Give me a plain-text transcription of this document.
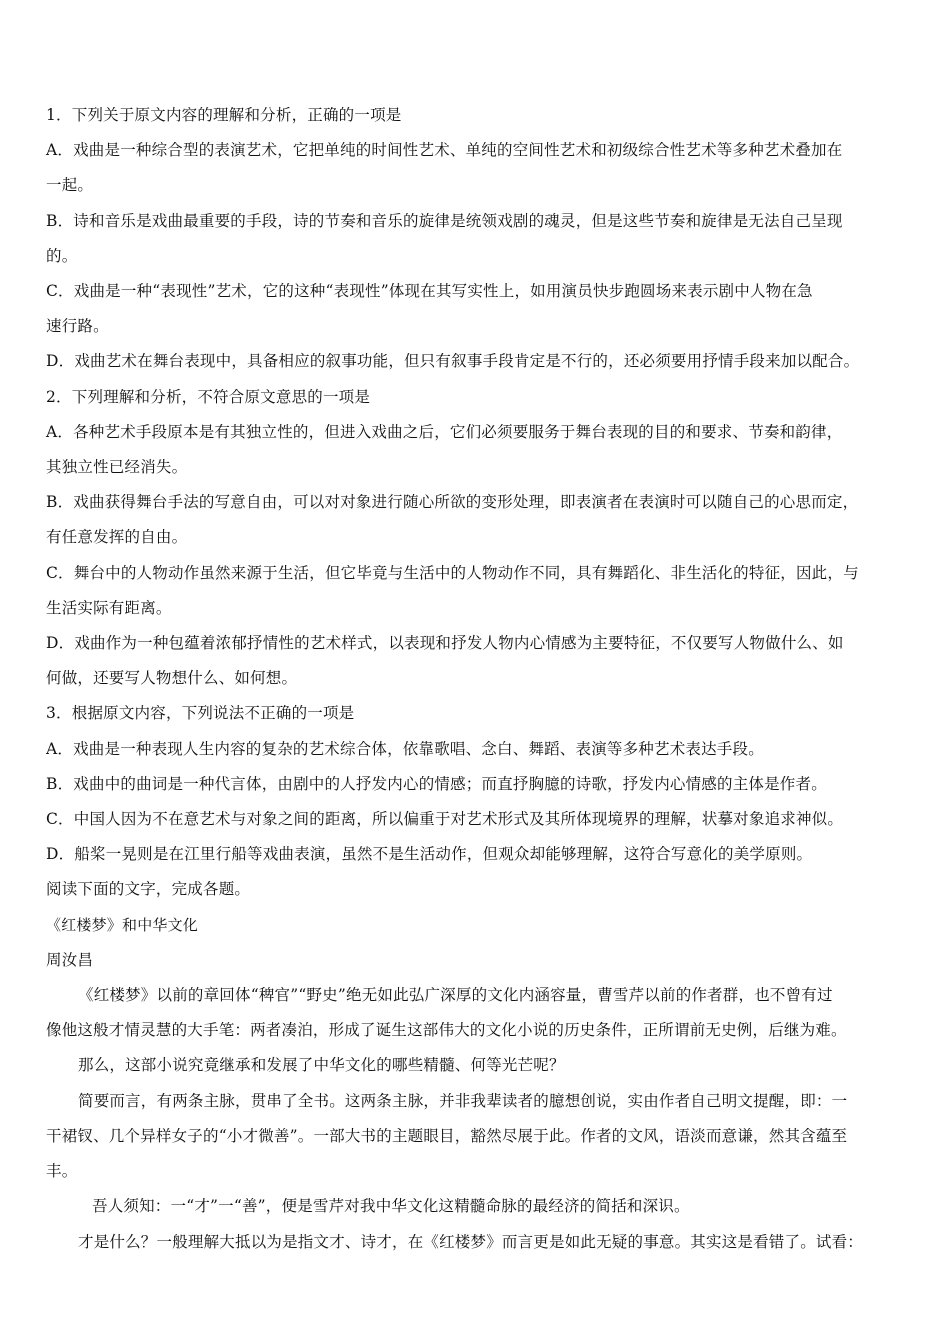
1．下列关于原文内容的理解和分析，正确的一项是
A．戏曲是一种综合型的表演艺术，它把单纯的时间性艺术、单纯的空间性艺术和初级综合性艺术等多种艺术叠加在
一起。
B．诗和音乐是戏曲最重要的手段，诗的节奏和音乐的旋律是统领戏剧的魂灵，但是这些节奏和旋律是无法自己呈现
的。
C．戏曲是一种“表现性”艺术，它的这种“表现性”体现在其写实性上，如用演员快步跑圆场来表示剧中人物在急
速行路。
D．戏曲艺术在舞台表现中，具备相应的叙事功能，但只有叙事手段肯定是不行的，还必须要用抒情手段来加以配合。
2．下列理解和分析，不符合原文意思的一项是
A．各种艺术手段原本是有其独立性的，但进入戏曲之后，它们必须要服务于舞台表现的目的和要求、节奏和韵律，
其独立性已经消失。
B．戏曲获得舞台手法的写意自由，可以对对象进行随心所欲的变形处理，即表演者在表演时可以随自己的心思而定，
有任意发挥的自由。
C．舞台中的人物动作虽然来源于生活，但它毕竟与生活中的人物动作不同，具有舞蹈化、非生活化的特征，因此，与
生活实际有距离。
D．戏曲作为一种包蕴着浓郁抒情性的艺术样式，以表现和抒发人物内心情感为主要特征，不仅要写人物做什么、如
何做，还要写人物想什么、如何想。
3．根据原文内容，下列说法不正确的一项是
A．戏曲是一种表现人生内容的复杂的艺术综合体，依靠歌唱、念白、舞蹈、表演等多种艺术表达手段。
B．戏曲中的曲词是一种代言体，由剧中的人抒发内心的情感；而直抒胸臆的诗歌，抒发内心情感的主体是作者。
C．中国人因为不在意艺术与对象之间的距离，所以偏重于对艺术形式及其所体现境界的理解，状摹对象追求神似。
D．船桨一晃则是在江里行船等戏曲表演，虽然不是生活动作，但观众却能够理解，这符合写意化的美学原则。
阅读下面的文字，完成各题。
《红楼梦》和中华文化
周汝昌
《红楼梦》以前的章回体“稗官”“野史”绝无如此弘广深厚的文化内涵容量，曹雪芹以前的作者群，也不曾有过
像他这般才情灵慧的大手笔：两者凑泊，形成了诞生这部伟大的文化小说的历史条件，正所谓前无史例，后继为难。
那么，这部小说究竟继承和发展了中华文化的哪些精髓、何等光芒呢？
简要而言，有两条主脉，贯串了全书。这两条主脉，并非我辈读者的臆想创说，实由作者自己明文提醒，即：一
干裙钗、几个异样女子的“小才微善”。一部大书的主题眼目，豁然尽展于此。作者的文风，语淡而意谦，然其含蕴至
丰。
吾人须知：一“才”一“善”，便是雪芹对我中华文化这精髓命脉的最经济的简括和深识。
才是什么？一般理解大抵以为是指文才、诗才，在《红楼梦》而言更是如此无疑的事意。其实这是看错了。试看：
